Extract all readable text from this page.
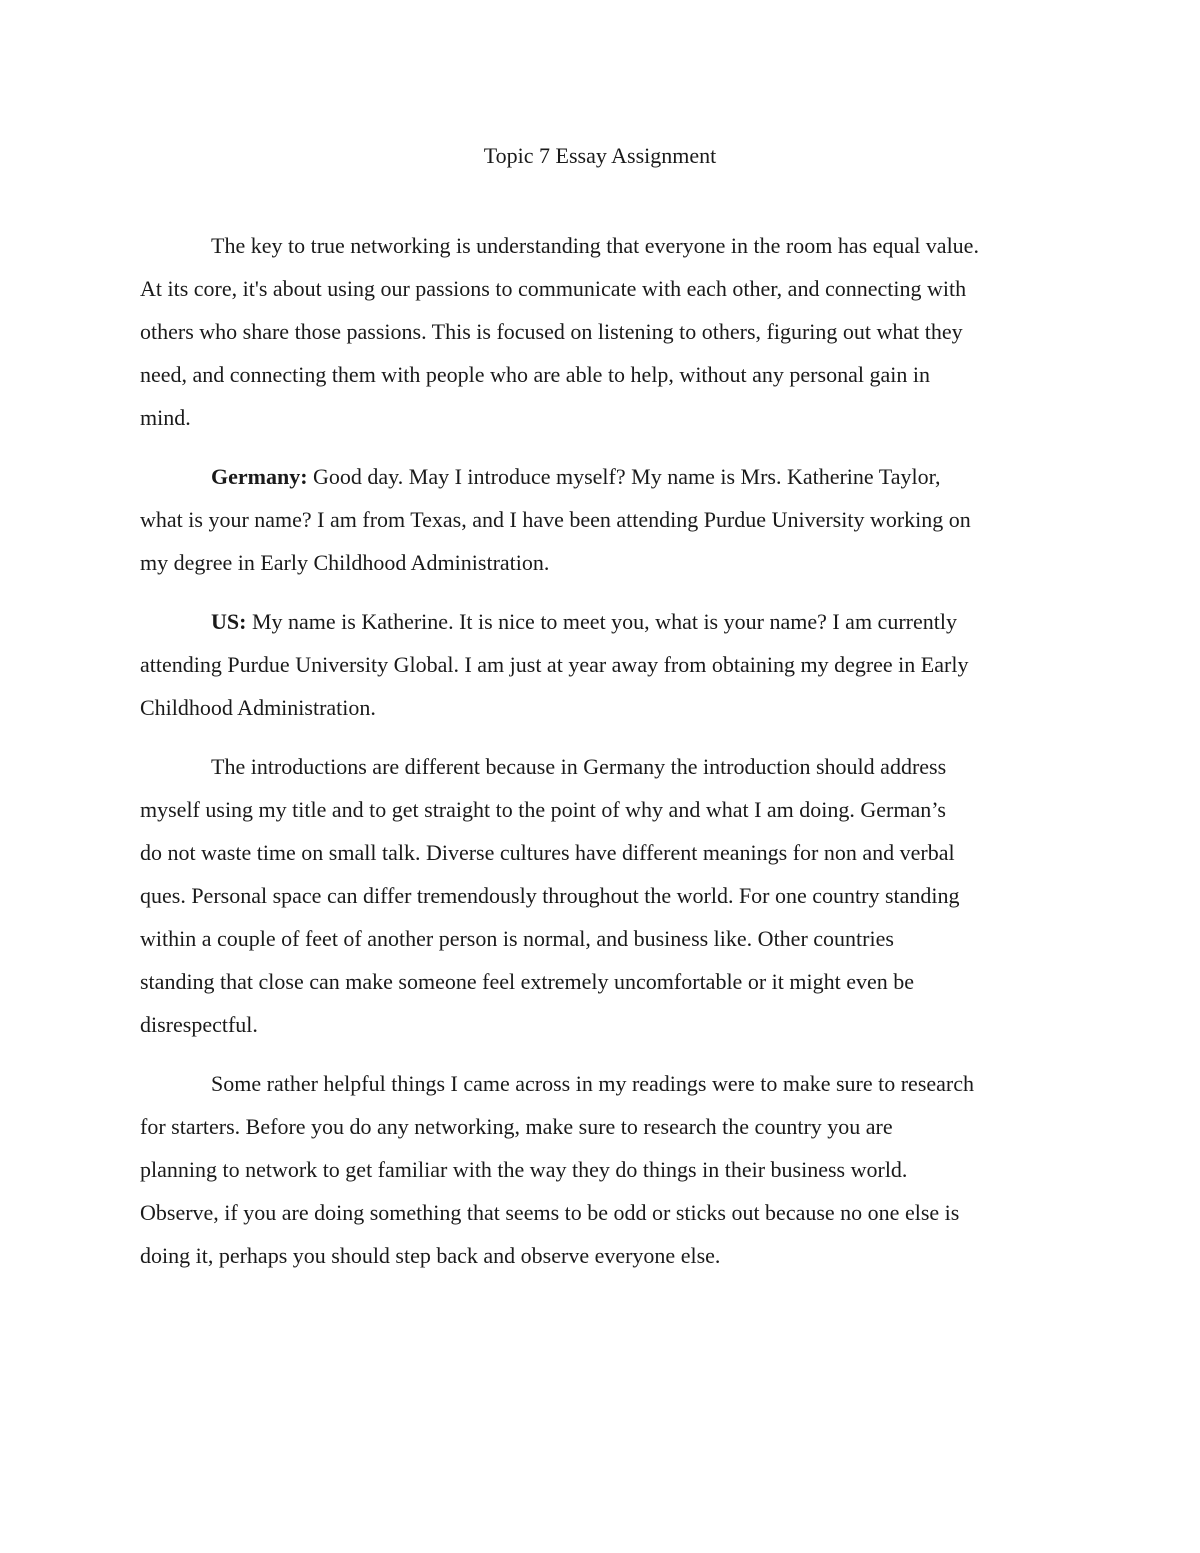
Topic 7 Essay Assignment

The key to true networking is understanding that everyone in the room has equal value.
At its core, it's about using our passions to communicate with each other, and connecting with
others who share those passions. This is focused on listening to others, figuring out what they
need, and connecting them with people who are able to help, without any personal gain in
mind.

Germany: Good day. May I introduce myself? My name is Mrs. Katherine Taylor,
what is your name? I am from Texas, and I have been attending Purdue University working on
my degree in Early Childhood Administration.

US: My name is Katherine. It is nice to meet you, what is your name? I am currently
attending Purdue University Global. I am just at year away from obtaining my degree in Early
Childhood Administration.

The introductions are different because in Germany the introduction should address
myself using my title and to get straight to the point of why and what I am doing. German’s
do not waste time on small talk. Diverse cultures have different meanings for non and verbal
ques. Personal space can differ tremendously throughout the world. For one country standing
within a couple of feet of another person is normal, and business like. Other countries
standing that close can make someone feel extremely uncomfortable or it might even be
disrespectful.

Some rather helpful things I came across in my readings were to make sure to research
for starters. Before you do any networking, make sure to research the country you are
planning to network to get familiar with the way they do things in their business world.
Observe, if you are doing something that seems to be odd or sticks out because no one else is
doing it, perhaps you should step back and observe everyone else.
